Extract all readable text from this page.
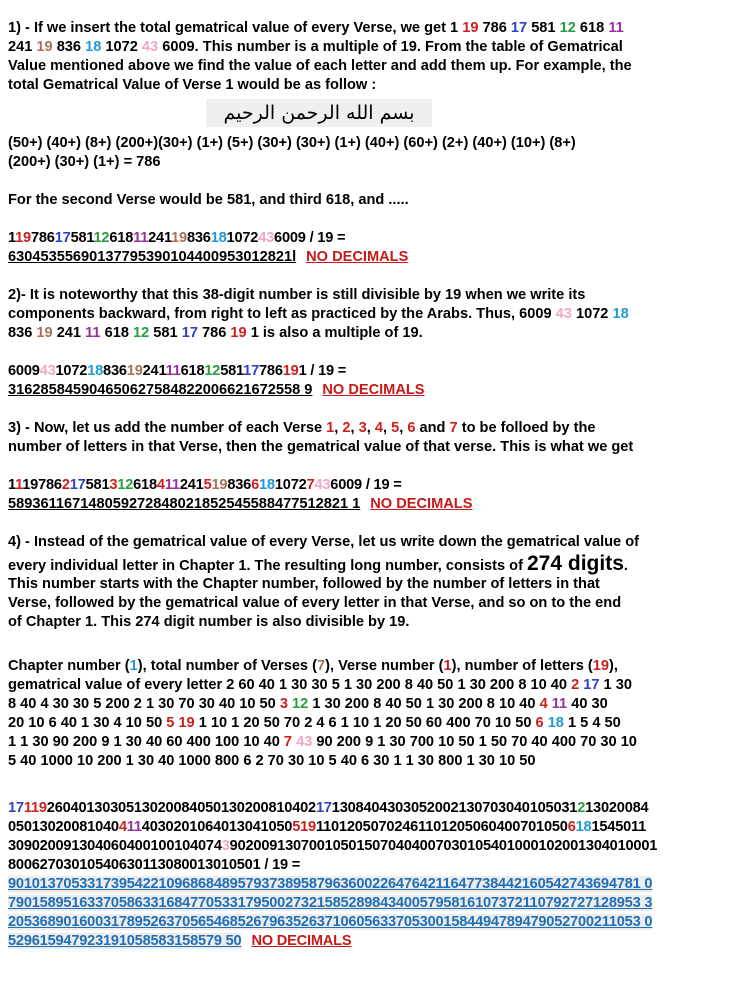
1) - If we insert the total gematrical value of every Verse, we get 1 19 786 17 581 12 618 11
241 19 836 18 1072 43 6009. This number is a multiple of 19. From the table of Gematrical
Value mentioned above we find the value of each letter and add them up. For example, the
total Gematrical Value of Verse 1 would be as follow :
بسم الله الرحمن الرحيم
(50+) (40+) (8+) (200+)(30+) (1+) (5+) (30+) (30+) (1+) (40+) (60+) (2+) (40+) (10+) (8+)
(200+) (30+) (1+) = 786
For the second Verse would be 581, and third 618, and .....
11978617581126181124119836181072436009 / 19 =
63045355690137795390104400953012821l NO DECIMALS
2)- It is noteworthy that this 38-digit number is still divisible by 19 when we write its
components backward, from right to left as practiced by the Arabs. Thus, 6009 43 1072 18
836 19 241 11 618 12 581 17 786 19 1 is also a multiple of 19.
60094310721883619241116181258117786191 / 19 =
316285845904650627584822006621672558 9 NO DECIMALS
3) - Now, let us add the number of each Verse 1, 2, 3, 4, 5, 6 and 7 to be folloed by the
number of letters in that Verse, then the gematrical value of that verse. This is what we get
111978621758131261841124151983661810727436009 / 19 =
589361167148059272848021852545588477512821 1 NO DECIMALS
4) - Instead of the gematrical value of every Verse, let us write down the gematrical value of
every individual letter in Chapter 1. The resulting long number, consists of 274 digits.
This number starts with the Chapter number, followed by the number of letters in that
Verse, followed by the gematrical value of every letter in that Verse, and so on to the end
of Chapter 1. This 274 digit number is also divisible by 19.
Chapter number (1), total number of Verses (7), Verse number (1), number of letters (19),
gematrical value of every letter 2 60 40 1 30 30 5 1 30 200 8 40 50 1 30 200 8 10 40 2 17 1 30
8 40 4 30 30 5 200 2 1 30 70 30 40 10 50 3 12 1 30 200 8 40 50 1 30 200 8 10 40 4 11 40 30
20 10 6 40 1 30 4 10 50 5 19 1 10 1 20 50 70 2 4 6 1 10 1 20 50 60 400 70 10 50 6 18 1 5 4 50
1 1 30 90 200 9 1 30 40 60 400 100 10 40 7 43 90 200 9 1 30 700 10 50 1 50 70 40 400 70 30 10
5 40 1000 10 200 1 30 40 1000 800 6 2 70 30 10 5 40 6 30 1 1 30 800 1 30 10 50
171192604013030513020084050130200810402171308404303052002130703040105031213020084
050130200810404114030201064013041050519110120507024611012050604007010506181545011
3090200913040604001001040743902009130700105015070404007030105401000102001304010001
80062703010540630113080013010501 / 19 =
90101370533173954221096868489579373895879636002264764211647738442160542743694781 0
79015895163370586331684770533179500273215852898434005795816107372110792727128953 3
20536890160031789526370565468526796352637106056337053001584494789479052700211053 0
529615947923191058583158579 50 NO DECIMALS
